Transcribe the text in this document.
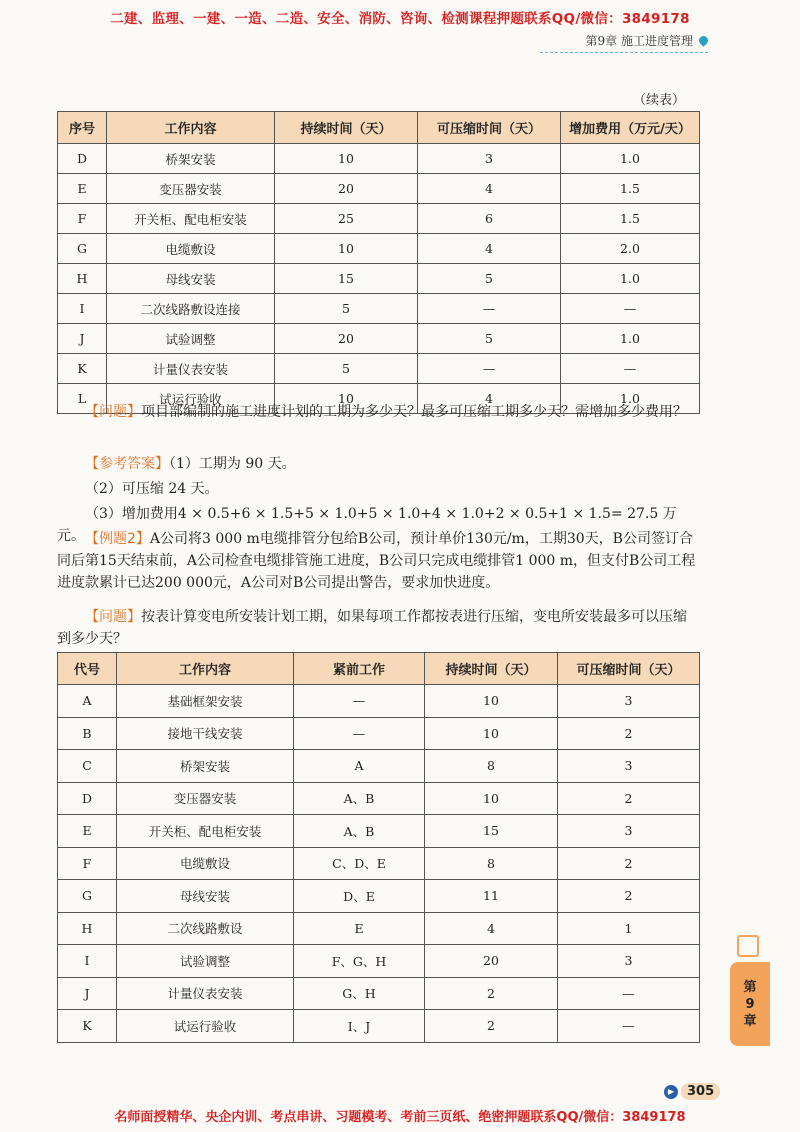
二建、监理、一建、一造、二造、安全、消防、咨询、检测课程押题联系QQ/微信：3849178
第9章 施工进度管理
（续表）
序号	工作内容	持续时间（天）	可压缩时间（天）	增加费用（万元/天）
D	桥架安装	10	3	1.0
E	变压器安装	20	4	1.5
F	开关柜、配电柜安装	25	6	1.5
G	电缆敷设	10	4	2.0
H	母线安装	15	5	1.0
I	二次线路敷设连接	5	—	—
J	试验调整	20	5	1.0
K	计量仪表安装	5	—	—
L	试运行验收	10	4	1.0
【问题】项目部编制的施工进度计划的工期为多少天？最多可压缩工期多少天？需增加多少费用？
【参考答案】（1）工期为 90 天。
（2）可压缩 24 天。
（3）增加费用4 × 0.5+6 × 1.5+5 × 1.0+5 × 1.0+4 × 1.0+2 × 0.5+1 × 1.5= 27.5 万元。 【例题2】A公司将3 000 m电缆排管分包给B公司，预计单价130元/m，工期30天，B公司签订合同后第15天结束前，A公司检查电缆排管施工进度，B公司只完成电缆排管1 000 m，但支付B公司工程进度款累计已达200 000元，A公司对B公司提出警告，要求加快进度。
【问题】按表计算变电所安装计划工期，如果每项工作都按表进行压缩，变电所安装最多可以压缩到多少天？
代号	工作内容	紧前工作	持续时间（天）	可压缩时间（天）
A	基础框架安装	—	10	3
B	接地干线安装	—	10	2
C	桥架安装	A	8	3
D	变压器安装	A、B	10	2
E	开关柜、配电柜安装	A、B	15	3
F	电缆敷设	C、D、E	8	2
G	母线安装	D、E	11	2
H	二次线路敷设	E	4	1
I	试验调整	F、G、H	20	3
J	计量仪表安装	G、H	2	—
K	试运行验收	I、J	2	—
第
9
章
▶ 305
名师面授精华、央企内训、考点串讲、习题模考、考前三页纸、绝密押题联系QQ/微信：3849178
